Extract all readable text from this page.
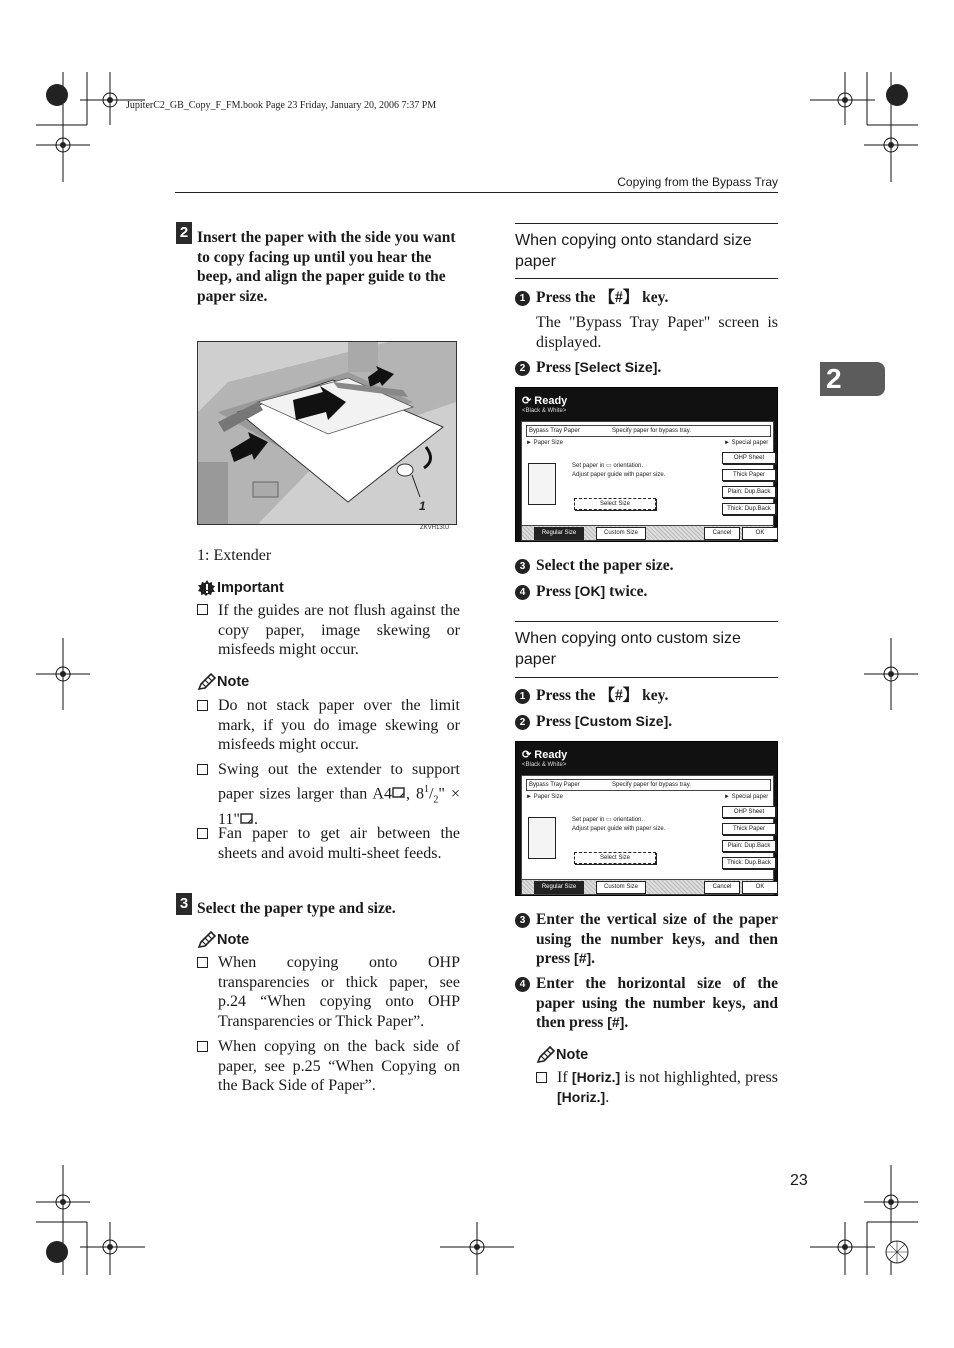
JupiterC2_GB_Copy_F_FM.book Page 23 Friday, January 20, 2006 7:37 PM
Copying from the Bypass Tray
2
23
2 Insert the paper with the side you want to copy facing up until you hear the beep, and align the paper guide to the paper size.
1
ZKVH130J
1: Extender
Important
If the guides are not flush against the copy paper, image skewing or misfeeds might occur.
Note
Do not stack paper over the limit mark, if you do image skewing or misfeeds might occur.
Swing out the extender to support paper sizes larger than A4 , $8^1/_2$" × 11" .
Fan paper to get air between the sheets and avoid multi-sheet feeds.
3 Select the paper type and size.
Note
When copying onto OHP transparencies or thick paper, see p.24 “When copying onto OHP Transparencies or Thick Paper”.
When copying on the back side of paper, see p.25 “When Copying on the Back Side of Paper”.
When copying onto standard size paper
1 Press the 【#】 key.
The "Bypass Tray Paper" screen is displayed.
2 Press [Select Size].
⟳ Ready
<Black & White>
Bypass Tray Paper	Specify paper for bypass tray.
► Paper Size	► Special paper
Set paper in ▭ orientation.
Adjust paper guide with paper size.
Select Size
OHP Sheet
Thick Paper
Plain: Dup.Back
Thick: Dup.Back
Regular Size	Custom Size	Cancel	OK
3 Select the paper size.
4 Press [OK] twice.
When copying onto custom size paper
1 Press the 【#】 key.
2 Press [Custom Size].
⟳ Ready
<Black & White>
Bypass Tray Paper	Specify paper for bypass tray.
► Paper Size	► Special paper
Set paper in ▭ orientation.
Adjust paper guide with paper size.
Select Size
OHP Sheet
Thick Paper
Plain: Dup.Back
Thick: Dup.Back
Regular Size	Custom Size	Cancel	OK
3 Enter the vertical size of the paper using the number keys, and then press [#].
4 Enter the horizontal size of the paper using the number keys, and then press [#].
Note
If [Horiz.] is not highlighted, press [Horiz.].
